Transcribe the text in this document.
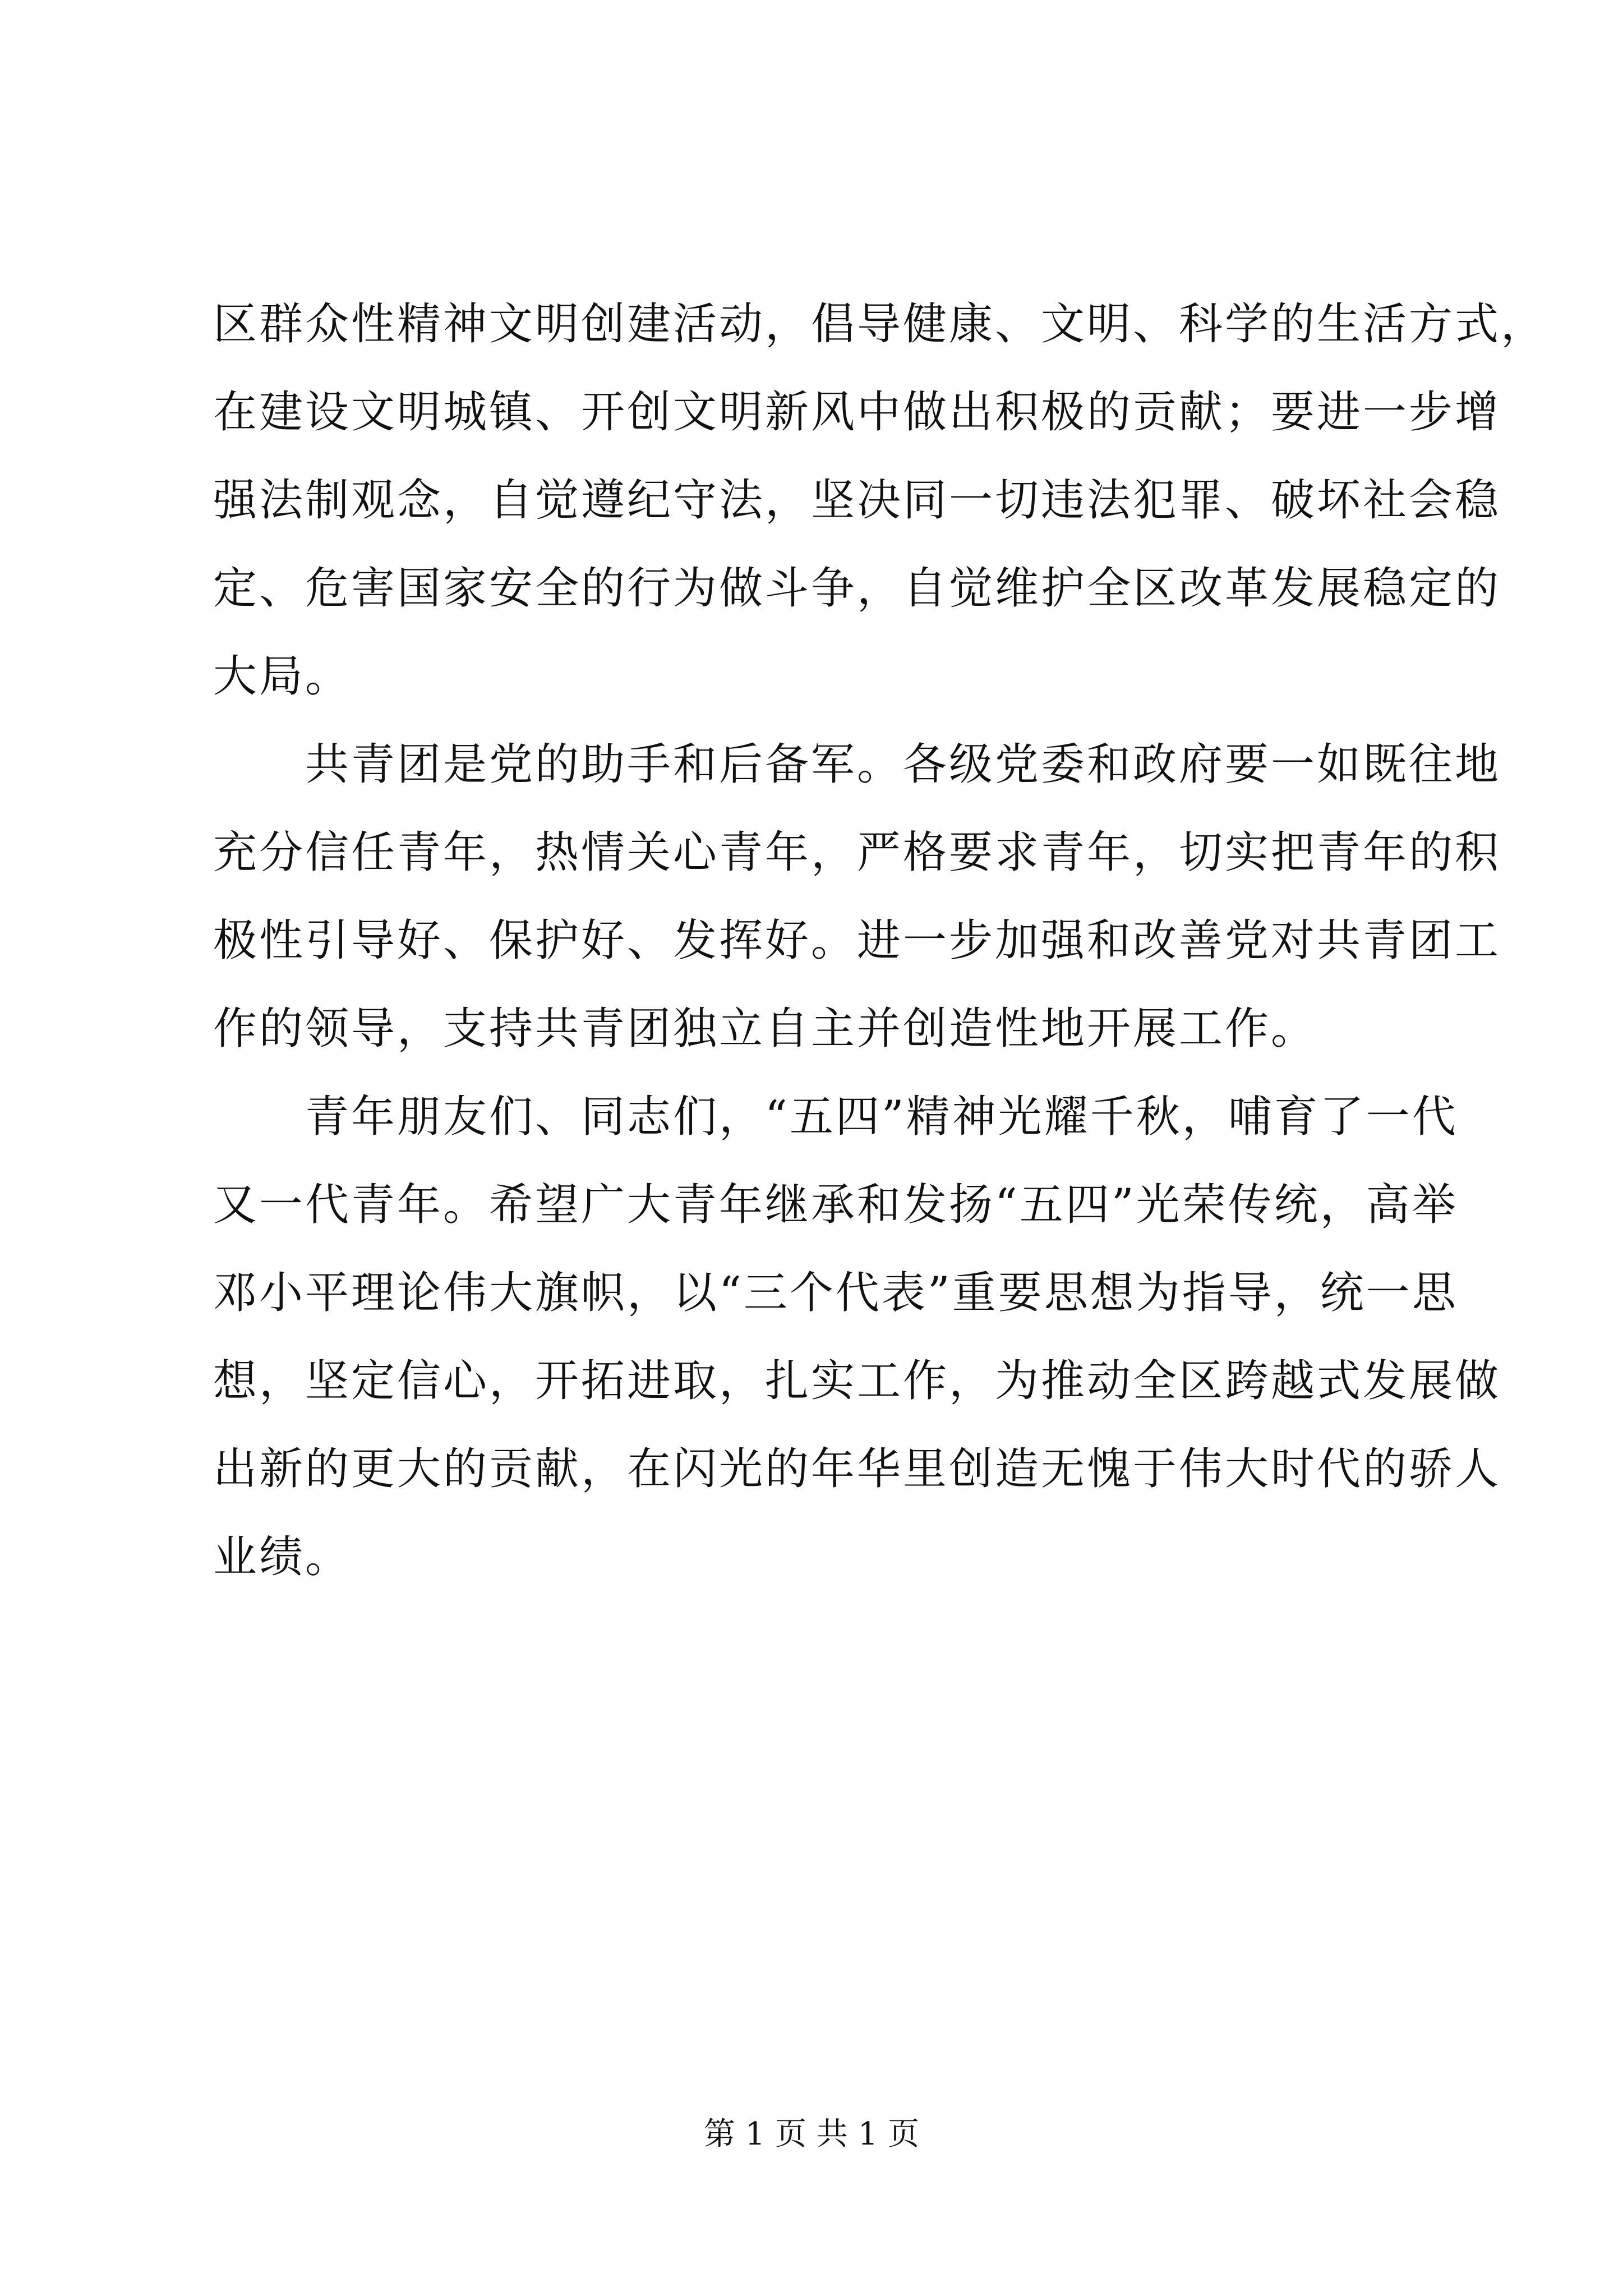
区群众性精神文明创建活动，倡导健康、文明、科学的生活方式，
在建设文明城镇、开创文明新风中做出积极的贡献；要进一步增
强法制观念，自觉遵纪守法，坚决同一切违法犯罪、破坏社会稳
定、危害国家安全的行为做斗争，自觉维护全区改革发展稳定的
大局。
　　共青团是党的助手和后备军。各级党委和政府要一如既往地
充分信任青年，热情关心青年，严格要求青年，切实把青年的积
极性引导好、保护好、发挥好。进一步加强和改善党对共青团工
作的领导，支持共青团独立自主并创造性地开展工作。
　　青年朋友们、同志们，“五四”精神光耀千秋，哺育了一代
又一代青年。希望广大青年继承和发扬“五四”光荣传统，高举
邓小平理论伟大旗帜，以“三个代表”重要思想为指导，统一思
想，坚定信心，开拓进取，扎实工作，为推动全区跨越式发展做
出新的更大的贡献，在闪光的年华里创造无愧于伟大时代的骄人
业绩。
第 1 页 共 1 页
